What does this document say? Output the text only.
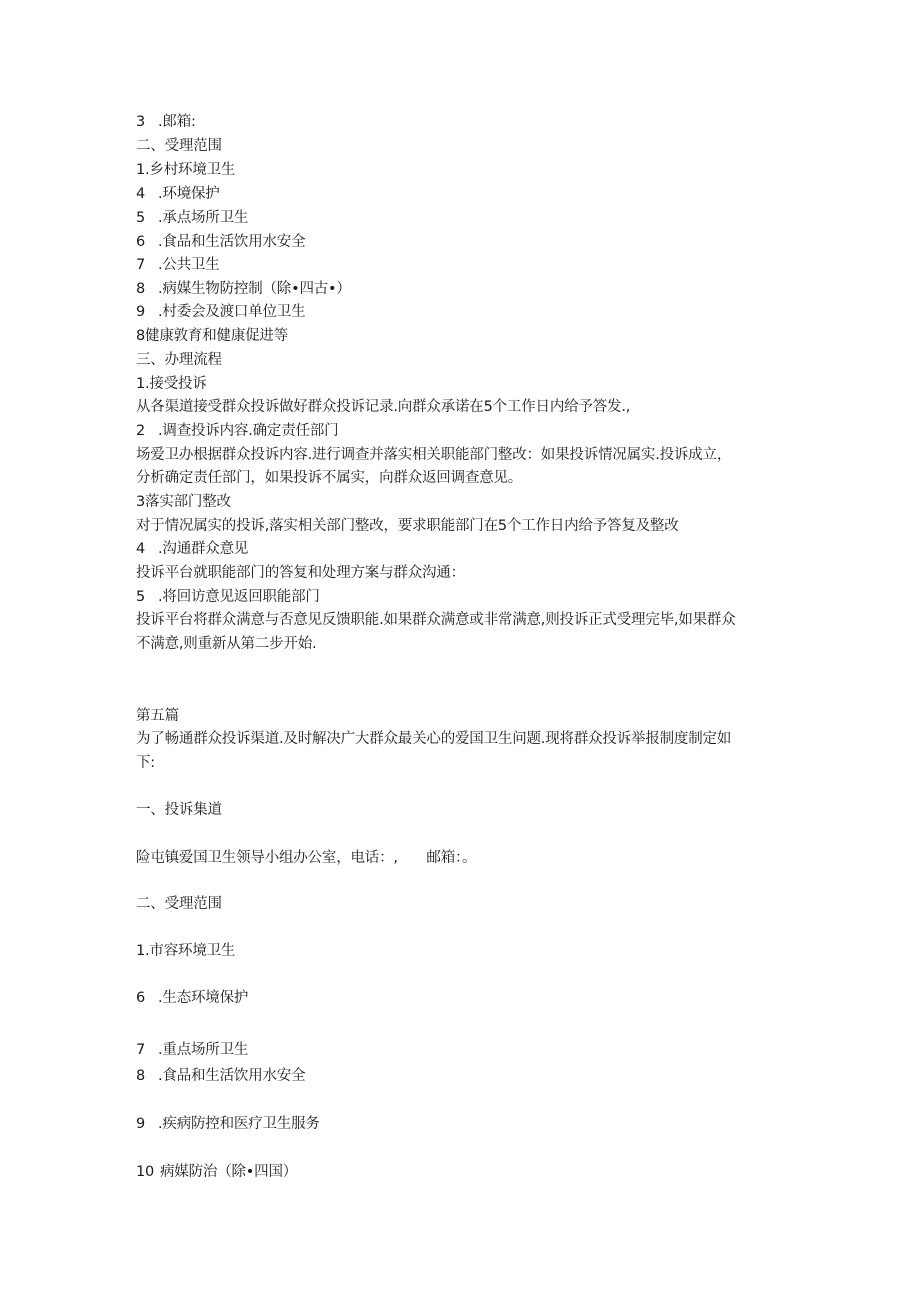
3 .郎箱:
二、受理范围
1.乡村环境卫生
4 .环境保护
5 .承点场所卫生
6 .食品和生活饮用水安全
7 .公共卫生
8 .病媒生物防控制（除•四古•）
9 .村委会及渡口单位卫生
8健康敦育和健康促进等
三、办理流程
1.接受投诉
从各渠道接受群众投诉做好群众投诉记录.向群众承诺在5个工作日内给予答发.,
2 .调查投诉内容.确定责任部门
场爱卫办根据群众投诉内容.进行调查并落实相关职能部门整改：如果投诉情况属实.投诉成立，
分析确定责任部门，如果投诉不属实，向群众返回调查意见。
3落实部门整改
对于情况属实的投诉,落实相关部门整改，要求职能部门在5个工作日内给予答复及整改
4 .沟通群众意见
投诉平台就职能部门的答复和处理方案与群众沟通：
5 .将回访意见返回职能部门
投诉平台将群众满意与否意见反馈职能.如果群众满意或非常满意,则投诉正式受理完毕,如果群众
不满意,则重新从第二步开始.
第五篇
为了畅通群众投诉渠道.及时解决广大群众最关心的爱国卫生问题.现将群众投诉举报制度制定如
下:
一、投诉集道
险屯镇爱国卫生领导小组办公室，电话：,　　邮箱：。
二、受理范围
1.市容环境卫生
6 .生态环境保护
7 .重点场所卫生
8 .食品和生活饮用水安全
9 .疾病防控和医疗卫生服务
10 病媒防治（除•四国）
